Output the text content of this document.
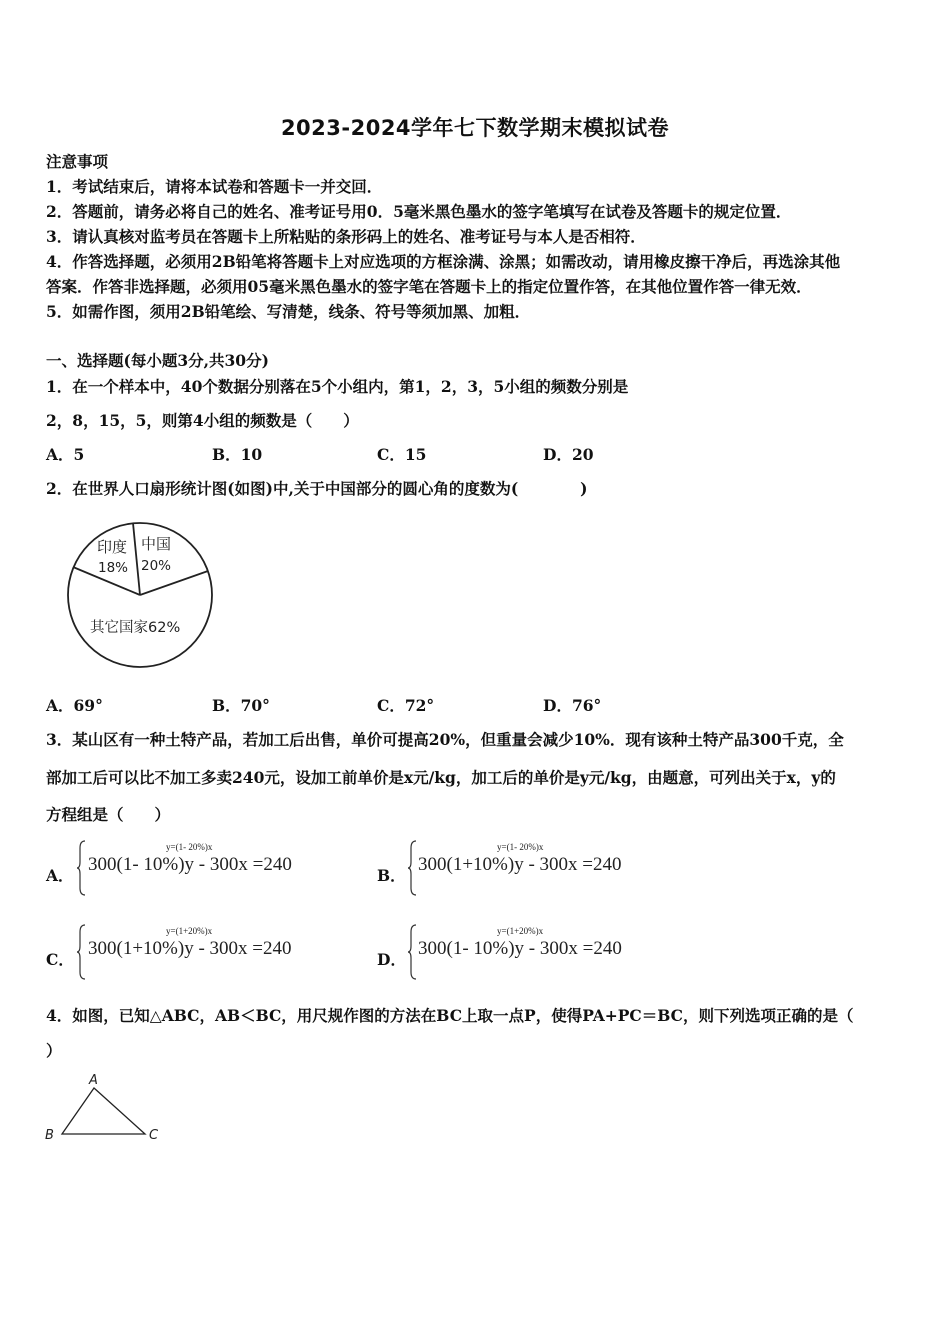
2023-2024学年七下数学期末模拟试卷
注意事项
1．考试结束后，请将本试卷和答题卡一并交回．
2．答题前，请务必将自己的姓名、准考证号用0．5毫米黑色墨水的签字笔填写在试卷及答题卡的规定位置．
3．请认真核对监考员在答题卡上所粘贴的条形码上的姓名、准考证号与本人是否相符．
4．作答选择题，必须用2B铅笔将答题卡上对应选项的方框涂满、涂黑；如需改动，请用橡皮擦干净后，再选涂其他
答案．作答非选择题，必须用05毫米黑色墨水的签字笔在答题卡上的指定位置作答，在其他位置作答一律无效．
5．如需作图，须用2B铅笔绘、写清楚，线条、符号等须加黑、加粗．
一、选择题(每小题3分,共30分)
1．在一个样本中，40个数据分别落在5个小组内，第1，2，3，5小组的频数分别是
2，8，15，5，则第4小组的频数是（　　）
A．5	B．10	C．15	D．20
2．在世界人口扇形统计图(如图)中,关于中国部分的圆心角的度数为(　　　　)
印度
18%
中国
20%
其它国家62%
A．69°	B．70°	C．72°	D．76°
3．某山区有一种土特产品，若加工后出售，单价可提高20%，但重量会减少10%．现有该种土特产品300千克，全
部加工后可以比不加工多卖240元，设加工前单价是x元/kg，加工后的单价是y元/kg，由题意，可列出关于x，y的
方程组是（　　）
A．
y=(1- 20%)x
300(1- 10%)y - 300x =240
B．
y=(1- 20%)x
300(1+10%)y - 300x =240
C．
y=(1+20%)x
300(1+10%)y - 300x =240
D．
y=(1+20%)x
300(1- 10%)y - 300x =240
4．如图，已知△ABC，AB＜BC，用尺规作图的方法在BC上取一点P，使得PA+PC＝BC，则下列选项正确的是（
）
A
B	C
